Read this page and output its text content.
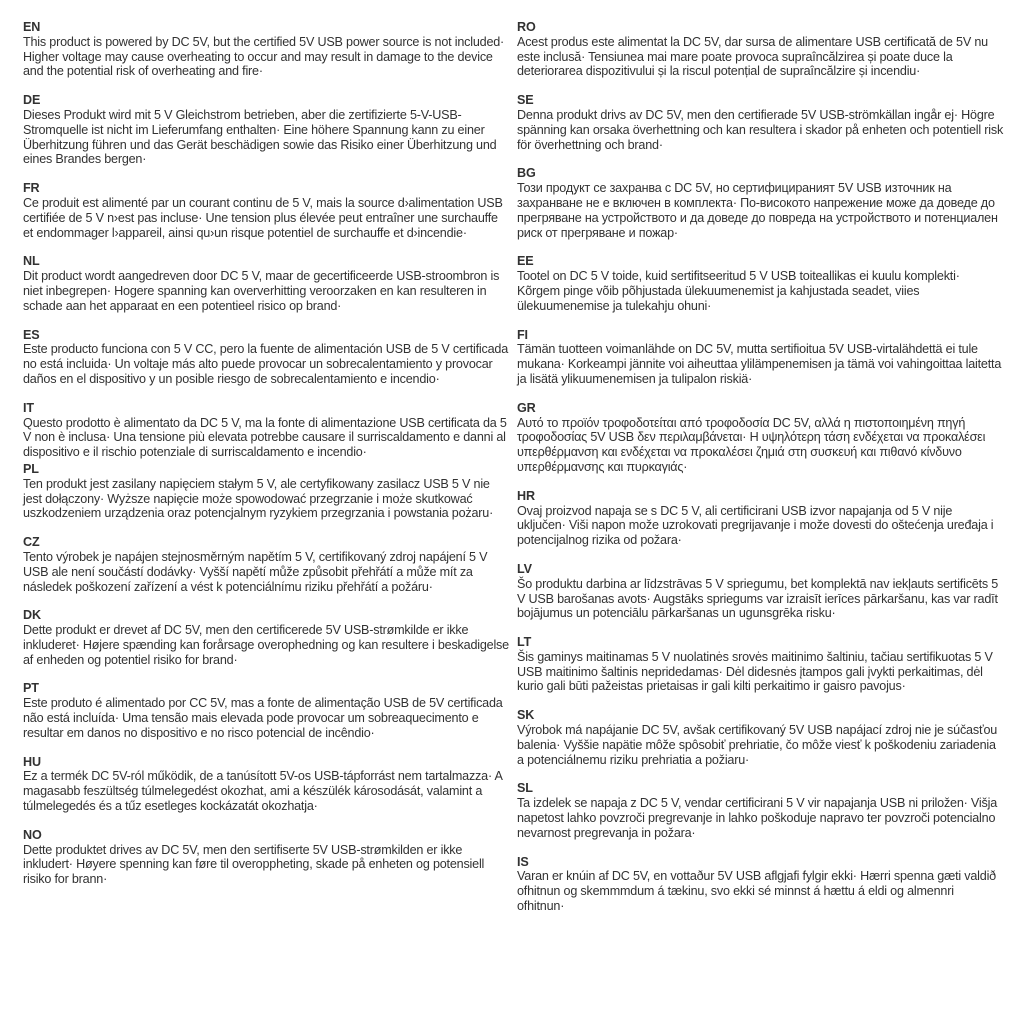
EN

This product is powered by DC 5V, but the certified 5V USB power source is not included· Higher voltage may cause overheating to occur and may result in damage to the device and the potential risk of overheating and fire·

DE

Dieses Produkt wird mit 5 V Gleichstrom betrieben, aber die zertifizierte 5-V-USB-Stromquelle ist nicht im Lieferumfang enthalten· Eine höhere Spannung kann zu einer Überhitzung führen und das Gerät beschädigen sowie das Risiko einer Überhitzung und eines Brandes bergen·

FR

Ce produit est alimenté par un courant continu de 5 V, mais la source d›alimentation USB certifiée de 5 V n›est pas incluse· Une tension plus élevée peut entraîner une surchauffe et endommager l›appareil, ainsi qu›un risque potentiel de surchauffe et d›incendie·

NL

Dit product wordt aangedreven door DC 5 V, maar de gecertificeerde USB-stroombron is niet inbegrepen· Hogere spanning kan oververhitting veroorzaken en kan resulteren in schade aan het apparaat en een potentieel risico op brand·

ES

Este producto funciona con 5 V CC, pero la fuente de alimentación USB de 5 V certificada no está incluida· Un voltaje más alto puede provocar un sobrecalentamiento y provocar daños en el dispositivo y un posible riesgo de sobrecalentamiento e incendio·

IT

Questo prodotto è alimentato da DC 5 V, ma la fonte di alimentazione USB certificata da 5 V non è inclusa· Una tensione più elevata potrebbe causare il surriscaldamento e danni al dispositivo e il rischio potenziale di surriscaldamento e incendio·

PL

Ten produkt jest zasilany napięciem stałym 5 V, ale certyfikowany zasilacz USB 5 V nie jest dołączony· Wyższe napięcie może spowodować przegrzanie i może skutkować uszkodzeniem urządzenia oraz potencjalnym ryzykiem przegrzania i powstania pożaru·

CZ

Tento výrobek je napájen stejnosměrným napětím 5 V, certifikovaný zdroj napájení 5 V USB ale není součástí dodávky· Vyšší napětí může způsobit přehřátí a může mít za následek poškození zařízení a vést k potenciálnímu riziku přehřátí a požáru·

DK

Dette produkt er drevet af DC 5V, men den certificerede 5V USB-strømkilde er ikke inkluderet· Højere spænding kan forårsage overophedning og kan resultere i beskadigelse af enheden og potentiel risiko for brand·

PT

Este produto é alimentado por CC 5V, mas a fonte de alimentação USB de 5V certificada não está incluída· Uma tensão mais elevada pode provocar um sobreaquecimento e resultar em danos no dispositivo e no risco potencial de incêndio·

HU

Ez a termék DC 5V-ról működik, de a tanúsított 5V-os USB-tápforrást nem tartalmazza· A magasabb feszültség túlmelegedést okozhat, ami a készülék károsodását, valamint a túlmelegedés és a tűz esetleges kockázatát okozhatja·

NO

Dette produktet drives av DC 5V, men den sertifiserte 5V USB-strømkilden er ikke inkludert· Høyere spenning kan føre til overoppheting, skade på enheten og potensiell risiko for brann·

RO

Acest produs este alimentat la DC 5V, dar sursa de alimentare USB certificată de 5V nu este inclusă· Tensiunea mai mare poate provoca supraîncălzirea și poate duce la deteriorarea dispozitivului și la riscul potențial de supraîncălzire și incendiu·

SE

Denna produkt drivs av DC 5V, men den certifierade 5V USB-strömkällan ingår ej· Högre spänning kan orsaka överhettning och kan resultera i skador på enheten och potentiell risk för överhettning och brand·

BG

Този продукт се захранва с DC 5V, но сертифицираният 5V USB източник на захранване не е включен в комплекта· По-високото напрежение може да доведе до прегряване на устройството и да доведе до повреда на устройството и потенциален риск от прегряване и пожар·

EE

Tootel on DC 5 V toide, kuid sertifitseeritud 5 V USB toiteallikas ei kuulu komplekti· Kõrgem pinge võib põhjustada ülekuumenemist ja kahjustada seadet, viies ülekuumenemise ja tulekahju ohuni·

FI

Tämän tuotteen voimanlähde on DC 5V, mutta sertifioitua 5V USB-virtalähdettä ei tule mukana· Korkeampi jännite voi aiheuttaa ylilämpenemisen ja tämä voi vahingoittaa laitetta ja lisätä ylikuumenemisen ja tulipalon riskiä·

GR

Αυτό το προϊόν τροφοδοτείται από τροφοδοσία DC 5V, αλλά η πιστοποιημένη πηγή τροφοδοσίας 5V USB δεν περιλαμβάνεται· Η υψηλότερη τάση ενδέχεται να προκαλέσει υπερθέρμανση και ενδέχεται να προκαλέσει ζημιά στη συσκευή και πιθανό κίνδυνο υπερθέρμανσης και πυρκαγιάς·

HR

Ovaj proizvod napaja se s DC 5 V, ali certificirani USB izvor napajanja od 5 V nije uključen· Viši napon može uzrokovati pregrijavanje i može dovesti do oštećenja uređaja i potencijalnog rizika od požara·

LV

Šo produktu darbina ar līdzstrāvas 5 V spriegumu, bet komplektā nav iekļauts sertificēts 5 V USB barošanas avots· Augstāks spriegums var izraisīt ierīces pārkaršanu, kas var radīt bojājumus un potenciālu pārkaršanas un ugunsgrēka risku·

LT

Šis gaminys maitinamas 5 V nuolatinės srovės maitinimo šaltiniu, tačiau sertifikuotas 5 V USB maitinimo šaltinis nepridedamas· Dėl didesnės įtampos gali įvykti perkaitimas, dėl kurio gali būti pažeistas prietaisas ir gali kilti perkaitimo ir gaisro pavojus·

SK

Výrobok má napájanie DC 5V, avšak certifikovaný 5V USB napájací zdroj nie je súčasťou balenia· Vyššie napätie môže spôsobiť prehriatie, čo môže viesť k poškodeniu zariadenia a potenciálnemu riziku prehriatia a požiaru·

SL

Ta izdelek se napaja z DC 5 V, vendar certificirani 5 V vir napajanja USB ni priložen· Višja napetost lahko povzroči pregrevanje in lahko poškoduje napravo ter povzroči potencialno nevarnost pregrevanja in požara·

IS

Varan er knúin af DC 5V, en vottaður 5V USB aflgjafi fylgir ekki· Hærri spenna gæti valdið ofhitnun og skemmmdum á tækinu, svo ekki sé minnst á hættu á eldi og almennri ofhitnun·
